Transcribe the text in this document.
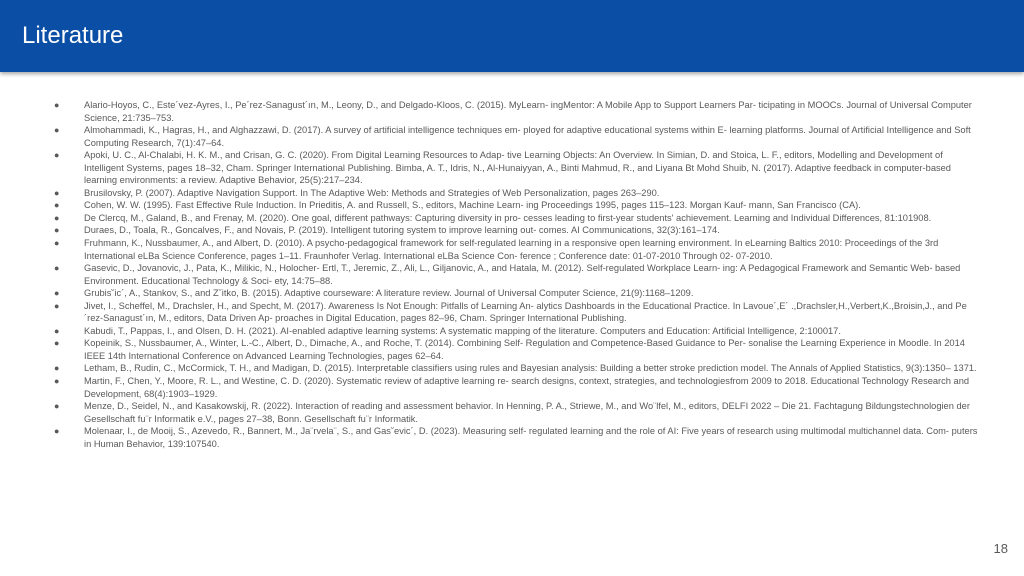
Literature
●	Alario-Hoyos, C., Este´vez-Ayres, I., Pe´rez-Sanagust´ın, M., Leony, D., and Delgado-Kloos, C. (2015). MyLearn- ingMentor: A Mobile App to Support Learners Par- ticipating in MOOCs. Journal of Universal Computer Science, 21:735–753.
●	Almohammadi, K., Hagras, H., and Alghazzawi, D. (2017). A survey of artificial intelligence techniques em- ployed for adaptive educational systems within E- learning platforms. Journal of Artificial Intelligence and Soft Computing Research, 7(1):47–64.
●	Apoki, U. C., Al-Chalabi, H. K. M., and Crisan, G. C. (2020). From Digital Learning Resources to Adap- tive Learning Objects: An Overview. In Simian, D. and Stoica, L. F., editors, Modelling and Development of Intelligent Systems, pages 18–32, Cham. Springer International Publishing. Bimba, A. T., Idris, N., Al-Hunaiyyan, A., Binti Mahmud, R., and Liyana Bt Mohd Shuib, N. (2017). Adaptive feedback in computer-based learning environments: a review. Adaptive Behavior, 25(5):217–234.
●	Brusilovsky, P. (2007). Adaptive Navigation Support. In The Adaptive Web: Methods and Strategies of Web Personalization, pages 263–290.
●	Cohen, W. W. (1995). Fast Effective Rule Induction. In Prieditis, A. and Russell, S., editors, Machine Learn- ing Proceedings 1995, pages 115–123. Morgan Kauf- mann, San Francisco (CA).
●	De Clercq, M., Galand, B., and Frenay, M. (2020). One goal, different pathways: Capturing diversity in pro- cesses leading to first-year students' achievement. Learning and Individual Differences, 81:101908.
●	Duraes, D., Toala, R., Goncalves, F., and Novais, P. (2019). Intelligent tutoring system to improve learning out- comes. AI Communications, 32(3):161–174.
●	Fruhmann, K., Nussbaumer, A., and Albert, D. (2010). A psycho-pedagogical framework for self-regulated learning in a responsive open learning environment. In eLearning Baltics 2010: Proceedings of the 3rd International eLBa Science Conference, pages 1–11. Fraunhofer Verlag. International eLBa Science Con- ference ; Conference date: 01-07-2010 Through 02- 07-2010.
●	Gasevic, D., Jovanovic, J., Pata, K., Milikic, N., Holocher- Ertl, T., Jeremic, Z., Ali, L., Giljanovic, A., and Hatala, M. (2012). Self-regulated Workplace Learn- ing: A Pedagogical Framework and Semantic Web- based Environment. Educational Technology & Soci- ety, 14:75–88.
●	Grubis˘ic´, A., Stankov, S., and Zˇitko, B. (2015). Adaptive courseware: A literature review. Journal of Universal Computer Science, 21(9):1168–1209.
●	Jivet, I., Scheffel, M., Drachsler, H., and Specht, M. (2017). Awareness Is Not Enough: Pitfalls of Learning An- alytics Dashboards in the Educational Practice. In Lavoue´,E´ .,Drachsler,H.,Verbert,K.,Broisin,J., and Pe´rez-Sanagust´ın, M., editors, Data Driven Ap- proaches in Digital Education, pages 82–96, Cham. Springer International Publishing.
●	Kabudi, T., Pappas, I., and Olsen, D. H. (2021). AI-enabled adaptive learning systems: A systematic mapping of the literature. Computers and Education: Artificial Intelligence, 2:100017.
●	Kopeinik, S., Nussbaumer, A., Winter, L.-C., Albert, D., Dimache, A., and Roche, T. (2014). Combining Self- Regulation and Competence-Based Guidance to Per- sonalise the Learning Experience in Moodle. In 2014 IEEE 14th International Conference on Advanced Learning Technologies, pages 62–64.
●	Letham, B., Rudin, C., McCormick, T. H., and Madigan, D. (2015). Interpretable classifiers using rules and Bayesian analysis: Building a better stroke prediction model. The Annals of Applied Statistics, 9(3):1350– 1371.
●	Martin, F., Chen, Y., Moore, R. L., and Westine, C. D. (2020). Systematic review of adaptive learning re- search designs, context, strategies, and technologiesfrom 2009 to 2018. Educational Technology Research and Development, 68(4):1903–1929.
●	Menze, D., Seidel, N., and Kasakowskij, R. (2022). Interaction of reading and assessment behavior. In Henning, P. A., Striewe, M., and Wo¨lfel, M., editors, DELFI 2022 – Die 21. Fachtagung Bildungstechnologien der Gesellschaft fu¨r Informatik e.V., pages 27–38, Bonn. Gesellschaft fu¨r Informatik.
●	Molenaar, I., de Mooij, S., Azevedo, R., Bannert, M., Ja¨rvela¨, S., and Gas˘evic´, D. (2023). Measuring self- regulated learning and the role of AI: Five years of research using multimodal multichannel data. Com- puters in Human Behavior, 139:107540.
18
